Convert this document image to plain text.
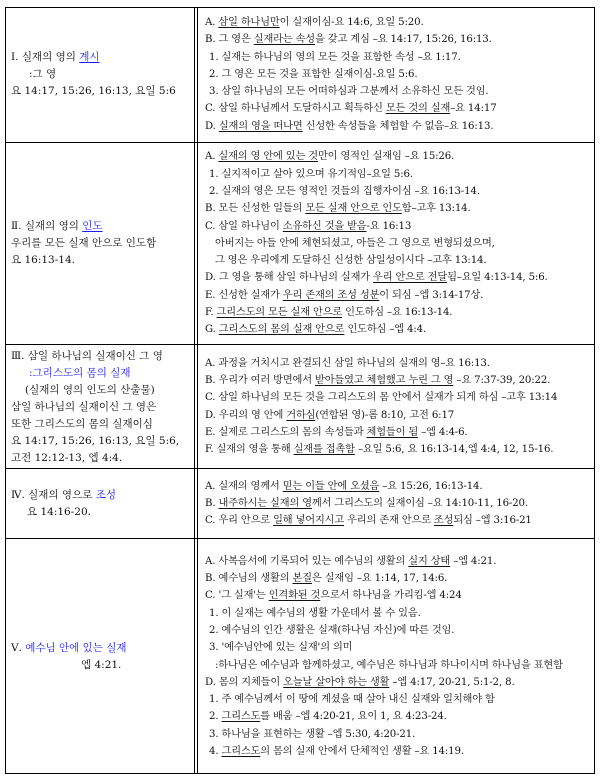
Ⅰ. 실재의 영의 계시
:그 영
요 14:17, 15:26, 16:13, 요일 5:6
A. 삼일 하나님만이 실재이심-요 14:6, 요일 5:20.
B. 그 영은 실재라는 속성을 갖고 계심 –요 14:17, 15:26, 16:13.
1. 실재는 하나님의 영의 모든 것을 표함한 속성 –요 1:17.
2. 그 영은 모든 것을 표함한 실재이심-요일 5:6.
3. 삼일 하나님의 모든 어떠하심과 그분께서 소유하신 모든 것임.
C. 삼일 하나님께서 도달하시고 획득하신 모든 것의 실재–요 14:17
D. 실재의 영을 떠나면 신성한 속성들을 체험할 수 없음–요 16:13.
Ⅱ. 실재의 영의 인도
우리를 모든 실재 안으로 인도함
요 16:13-14.
A. 실재의 영 안에 있는 것만이 영적인 실재임 –요 15:26.
1. 실지적이고 살아 있으며 유기적임–요일 5:6.
2. 실재의 영은 모든 영적인 것들의 집행자이심 –요 16:13-14.
B. 모든 신성한 일들의 모든 실재 안으로 인도함–고후 13:14.
C. 삼일 하나님이 소유하신 것을 받음-요 16:13
아버지는 아들 안에 체현되셨고, 아들은 그 영으로 변형되셨으며,
그 영은 우리에게 도달하신 신성한 삼일성이시다 –고후 13:14.
D. 그 영을 통해 삼일 하나님의 실재가 우리 안으로 전달됨–요일 4:13-14, 5:6.
E. 신성한 실재가 우리 존재의 조성 성분이 되심 –엡 3:14-17상.
F. 그리스도의 모든 실재 안으로 인도하심 –요 16:13-14.
G. 그리스도의 몸의 실재 안으로 인도하심 –엡 4:4.
Ⅲ. 삼일 하나님의 실재이신 그 영
:그리스도의 몸의 실재
(실재의 영의 인도의 산출물)
삼일 하나님의 실재이신 그 영은
또한 그리스도의 몸의 실재이심
요 14:17, 15:26, 16:13, 요일 5:6,
고전 12:12-13, 엡 4:4.
A. 과정을 거치시고 완결되신 삼일 하나님의 실재의 영–요 16:13.
B. 우리가 여러 방면에서 받아들였고 체험했고 누린 그 영 –요 7:37-39, 20:22.
C. 삼일 하나님의 모든 것을 그리스도의 몸 안에서 실재가 되게 하심 –고후 13:14
D. 우리의 영 안에 거하심(연합된 영)-롬 8:10, 고전 6:17
E. 실제로 그리스도의 몸의 속성들과 체험들이 됨 –엡 4:4-6.
F. 실재의 영을 통해 실재를 접촉함 –요일 5:6, 요 16:13-14,엡 4:4, 12, 15-16.
Ⅳ. 실재의 영으로 조성
요 14:16-20.
A. 실재의 영께서 믿는 이들 안에 오셨음 –요 15:26, 16:13-14.
B. 내주하시는 실재의 영께서 그리스도의 실재이심 –요 14:10-11, 16-20.
C. 우리 안으로 일해 넣어지시고 우리의 존재 안으로 조성되심 –엡 3:16-21
Ⅴ. 예수님 안에 있는 실재
엡 4:21.
A. 사복음서에 기록되어 있는 예수님의 생활의 실지 상태 –엡 4:21.
B. 예수님의 생활의 본질은 실재임 –요 1:14, 17, 14:6.
C. '그 실재'는 인격화된 것으로서 하나님을 가리킴-엡 4:24
1. 이 실재는 예수님의 생활 가운데서 볼 수 있음.
2. 예수님의 인간 생활은 실재(하나님 자신)에 따른 것임.
3. '예수님안에 있는 실재'의 의미
:하나님은 예수님과 함께하셨고, 예수님은 하나님과 하나이시며 하나님을 표현함
D. 몸의 지체들이 오늘날 살아야 하는 생활 –엡 4:17, 20-21, 5:1-2, 8.
1. 주 예수님께서 이 땅에 계셨을 때 살아 내신 실재와 일치해야 함
2. 그리스도를 배움 –엡 4:20-21, 요이 1, 요 4:23-24.
3. 하나님을 표현하는 생활 –엡 5:30, 4:20-21.
4. 그리스도의 몸의 실재 안에서 단체적인 생활 –요 14:19.
